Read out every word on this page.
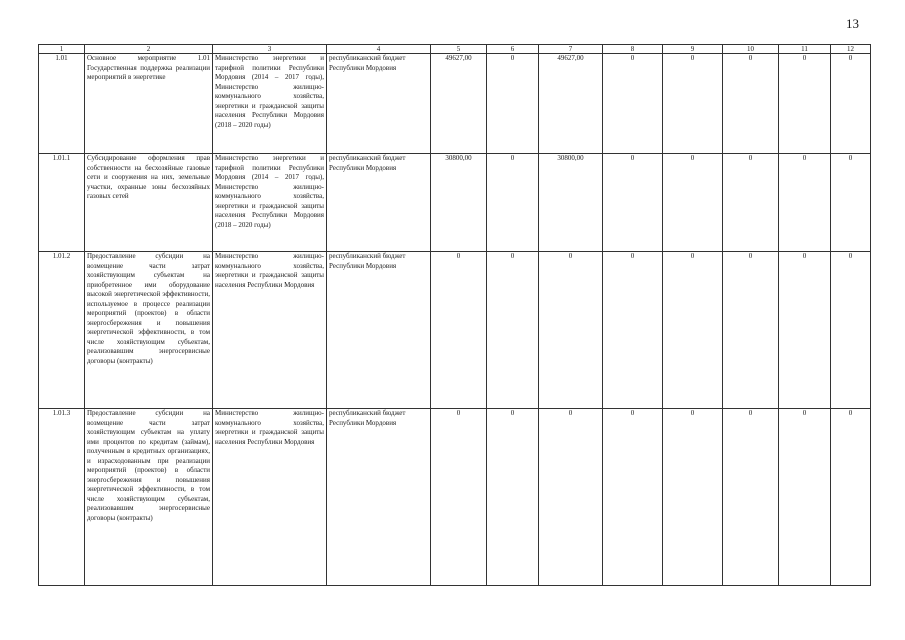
13
1	2	3	4	5	6	7	8	9	10	11	12
1.01	Основное мероприятие 1.01 Государственная поддержка реализации мероприятий в энергетике	Министерство энергетики и тарифной политики Республики Мордовия (2014 – 2017 годы), Министерство жилищно-коммунального хозяйства, энергетики и гражданской защиты населения Республики Мордовия (2018 – 2020 годы)	республиканский бюджет Республики Мордовия	49627,00	0	49627,00	0	0	0	0	0
1.01.1	Субсидирование оформления прав собственности на бесхозяйные газовые сети и сооружения на них, земельные участки, охранные зоны бесхозяйных газовых сетей	Министерство энергетики и тарифной политики Республики Мордовия (2014 – 2017 годы), Министерство жилищно-коммунального хозяйства, энергетики и гражданской защиты населения Республики Мордовия (2018 – 2020 годы)	республиканский бюджет Республики Мордовия	30800,00	0	30800,00	0	0	0	0	0
1.01.2	Предоставление субсидии на возмещение части затрат хозяйствующим субъектам на приобретенное ими оборудование высокой энергетической эффективности, используемое в процессе реализации мероприятий (проектов) в области энергосбережения и повышения энергетической эффективности, в том числе хозяйствующим субъектам, реализовавшим энергосервисные договоры (контракты)	Министерство жилищно-коммунального хозяйства, энергетики и гражданской защиты населения Республики Мордовия	республиканский бюджет Республики Мордовия	0	0	0	0	0	0	0	0
1.01.3	Предоставление субсидии на возмещение части затрат хозяйствующим субъектам на уплату ими процентов по кредитам (займам), полученным в кредитных организациях, и израсходованным при реализации мероприятий (проектов) в области энергосбережения и повышения энергетической эффективности, в том числе хозяйствующим субъектам, реализовавшим энергосервисные договоры (контракты)	Министерство жилищно-коммунального хозяйства, энергетики и гражданской защиты населения Республики Мордовия	республиканский бюджет Республики Мордовия	0	0	0	0	0	0	0	0
